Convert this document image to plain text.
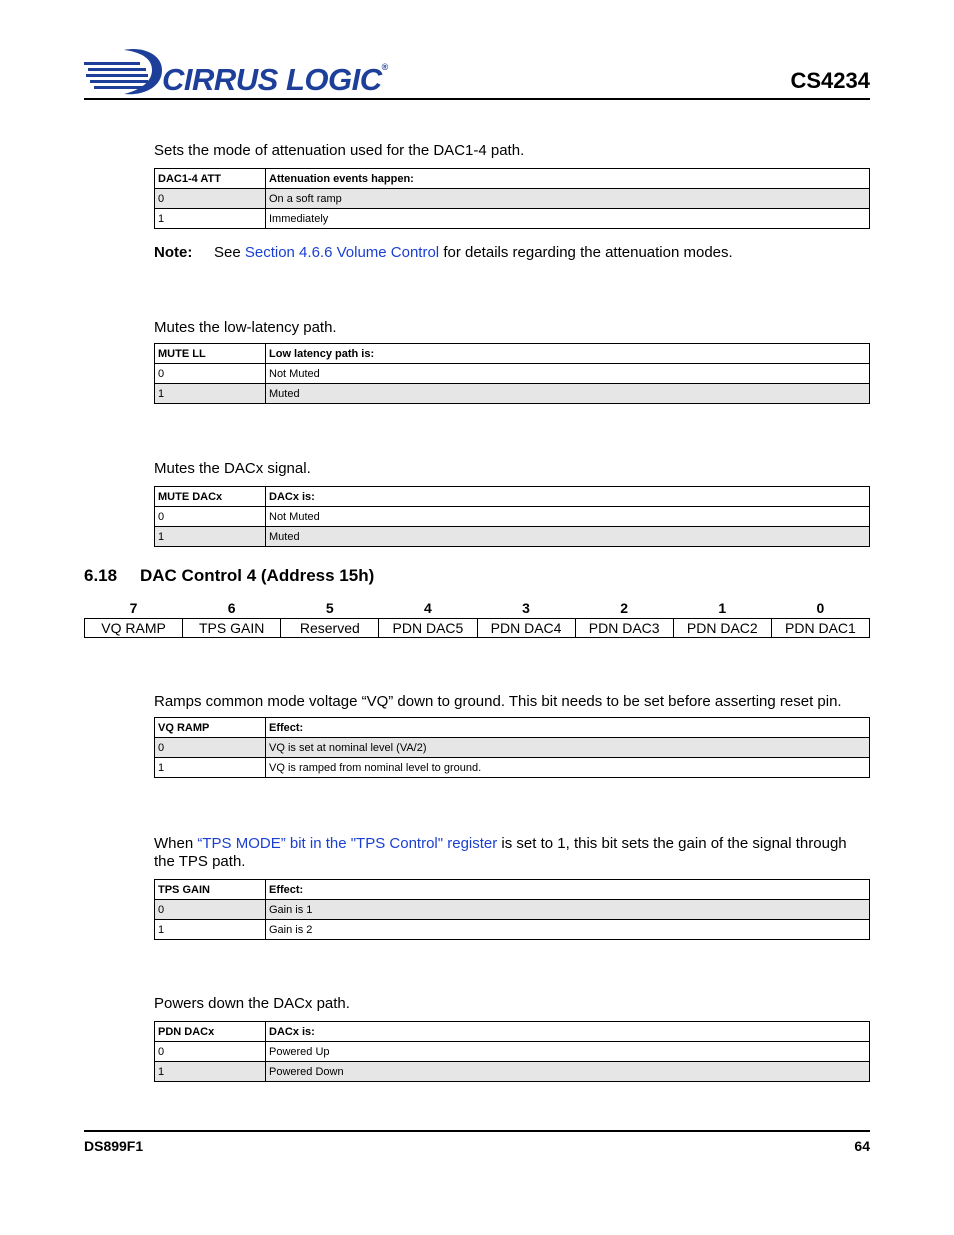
CIRRUS LOGIC®
CS4234
Sets the mode of attenuation used for the DAC1-4 path.
DAC1-4 ATT	Attenuation events happen:
0	On a soft ramp
1	Immediately
Note: See Section 4.6.6 Volume Control for details regarding the attenuation modes.
Mutes the low-latency path.
MUTE LL	Low latency path is:
0	Not Muted
1	Muted
Mutes the DACx signal.
MUTE DACx	DACx is:
0	Not Muted
1	Muted
6.18 DAC Control 4 (Address 15h)
7	6	5	4	3	2	1	0
VQ RAMP	TPS GAIN	Reserved	PDN DAC5	PDN DAC4	PDN DAC3	PDN DAC2	PDN DAC1
Ramps common mode voltage “VQ” down to ground. This bit needs to be set before asserting reset pin.
VQ RAMP	Effect:
0	VQ is set at nominal level (VA/2)
1	VQ is ramped from nominal level to ground.
When “TPS MODE” bit in the "TPS Control" register is set to 1, this bit sets the gain of the signal through the TPS path.
TPS GAIN	Effect:
0	Gain is 1
1	Gain is 2
Powers down the DACx path.
PDN DACx	DACx is:
0	Powered Up
1	Powered Down
DS899F1	64
